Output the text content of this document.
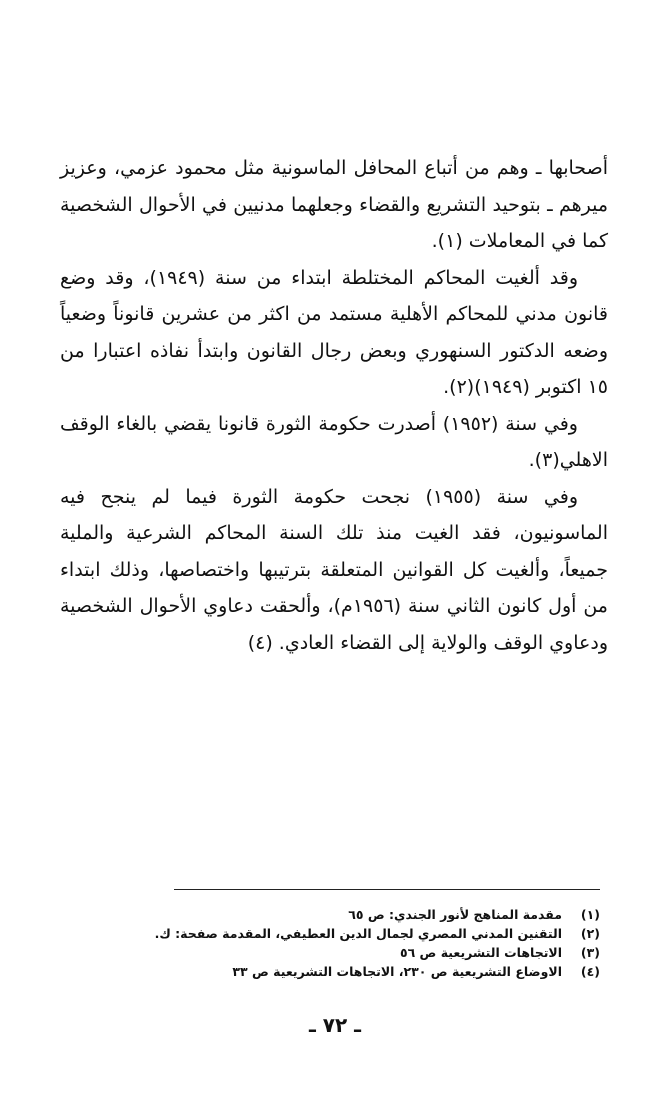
أصحابها ـ وهم من أتباع المحافل الماسونية مثل محمود عزمي، وعزيز ميرهم ـ بتوحيد التشريع والقضاء وجعلهما مدنيين في الأحوال الشخصية كما في المعاملات (١).

وقد ألغيت المحاكم المختلطة ابتداء من سنة (١٩٤٩)، وقد وضع قانون مدني للمحاكم الأهلية مستمد من اكثر من عشرين قانوناً وضعياً وضعه الدكتور السنهوري وبعض رجال القانون وابتدأ نفاذه اعتبارا من ١٥ اكتوبر (١٩٤٩)(٢).

وفي سنة (١٩٥٢) أصدرت حكومة الثورة قانونا يقضي بالغاء الوقف الاهلي(٣).

وفي سنة (١٩٥٥) نجحت حكومة الثورة فيما لم ينجح فيه الماسونيون، فقد الغيت منذ تلك السنة المحاكم الشرعية والملية جميعاً، وألغيت كل القوانين المتعلقة بترتيبها واختصاصها، وذلك ابتداء من أول كانون الثاني سنة (١٩٥٦م)، وألحقت دعاوي الأحوال الشخصية ودعاوي الوقف والولاية إلى القضاء العادي. (٤)

(١)
مقدمة المناهج لأنور الجندي: ص ٦٥
(٢)
التقنين المدني المصري لجمال الدين العطيفي، المقدمة صفحة: ك.
(٣)
الاتجاهات التشريعية ص ٥٦
(٤)
الاوضاع التشريعية ص ٢٣٠، الاتجاهات التشريعية ص ٣٣
ـ ٧٢ ـ
